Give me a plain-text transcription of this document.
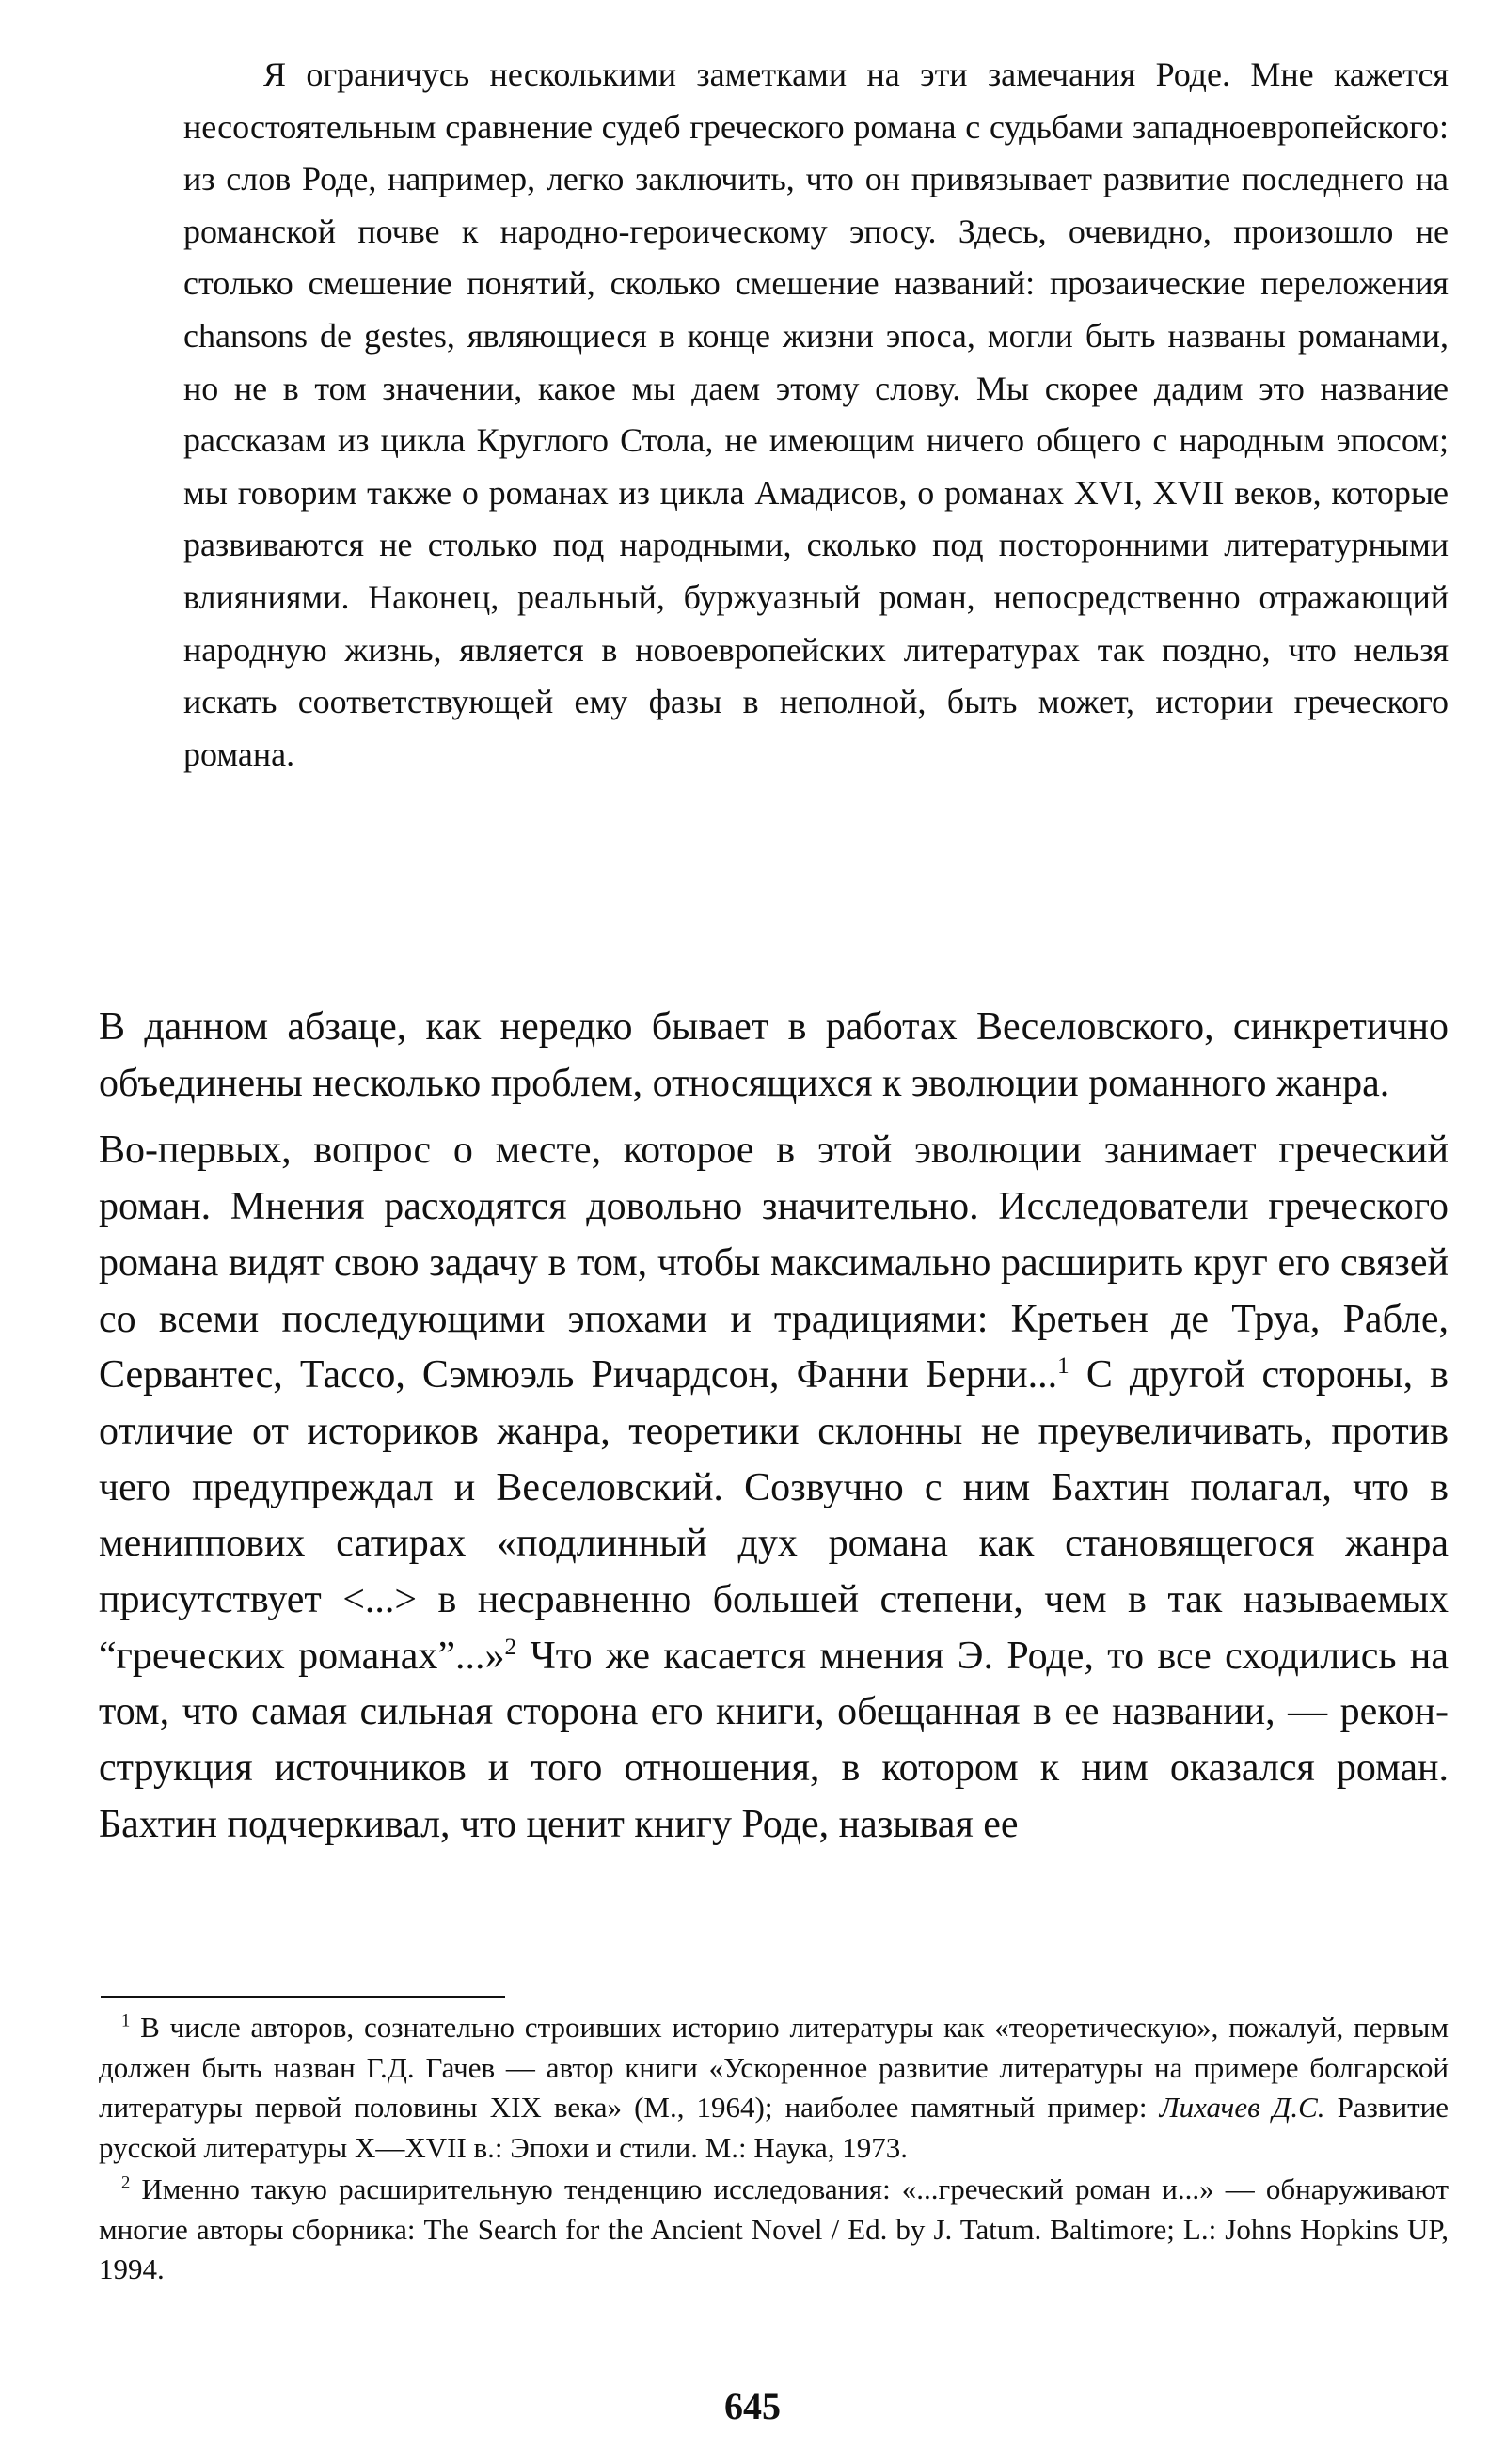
Я ограничусь несколькими заметками на эти замечания Роде. Мне кажется несостоятельным сравнение судеб греческого романа с судьбами западноевропейского: из слов Роде, например, легко заключить, что он привязывает развитие последнего на романской почве к народно-героическому эпосу. Здесь, очевидно, произошло не столько смешение понятий, сколько смешение названий: прозаические переложения chansons de gestes, являющиеся в конце жизни эпоса, могли быть названы романами, но не в том значении, какое мы даем этому слову. Мы скорее дадим это название рассказам из цикла Круглого Стола, не имеющим ничего общего с народным эпосом; мы говорим также о романах из цикла Амадисов, о романах XVI, XVII веков, которые развиваются не столько под народными, сколько под посторонними литературными влияниями. Наконец, реальный, буржуазный роман, непосредственно отражающий народную жизнь, является в новоевропейских литературах так поздно, что нельзя искать соответствующей ему фазы в неполной, быть может, истории греческого романа.

В данном абзаце, как нередко бывает в работах Веселовского, синкретично объединены несколько проблем, относящихся к эволюции романного жанра.

Во-первых, вопрос о месте, которое в этой эволюции занимает греческий роман. Мнения расходятся довольно значительно. Исследователи греческого романа видят свою задачу в том, чтобы максимально расширить круг его связей со всеми последующими эпохами и традициями: Кретьен де Труа, Рабле, Сервантес, Тассо, Сэмюэль Ричардсон, Фанни Берни...$^1$ С другой стороны, в отличие от историков жанра, теоретики склонны не преувеличивать, против чего предупреждал и Веселовский. Созвучно с ним Бахтин полагал, что в мениппових сатирах «подлинный дух романа как становящегося жанра присутствует <...> в несравненно большей степени, чем в так называемых “греческих романах”...»$^2$ Что же касается мнения Э. Роде, то все сходились на том, что самая сильная сторона его книги, обещанная в ее названии, — реконструкция источников и того отношения, в котором к ним оказался роман. Бахтин подчеркивал, что ценит книгу Роде, называя ее

$^1$ В числе авторов, сознательно строивших историю литературы как «теоретическую», пожалуй, первым должен быть назван Г.Д. Гачев — автор книги «Ускоренное развитие литературы на примере болгарской литературы первой половины XIX века» (М., 1964); наиболее памятный пример: Лихачев Д.С. Развитие русской литературы X—XVII в.: Эпохи и стили. М.: Наука, 1973.

$^2$ Именно такую расширительную тенденцию исследования: «...греческий роман и...» — обнаруживают многие авторы сборника: The Search for the Ancient Novel / Ed. by J. Tatum. Baltimore; L.: Johns Hopkins UP, 1994.

645
